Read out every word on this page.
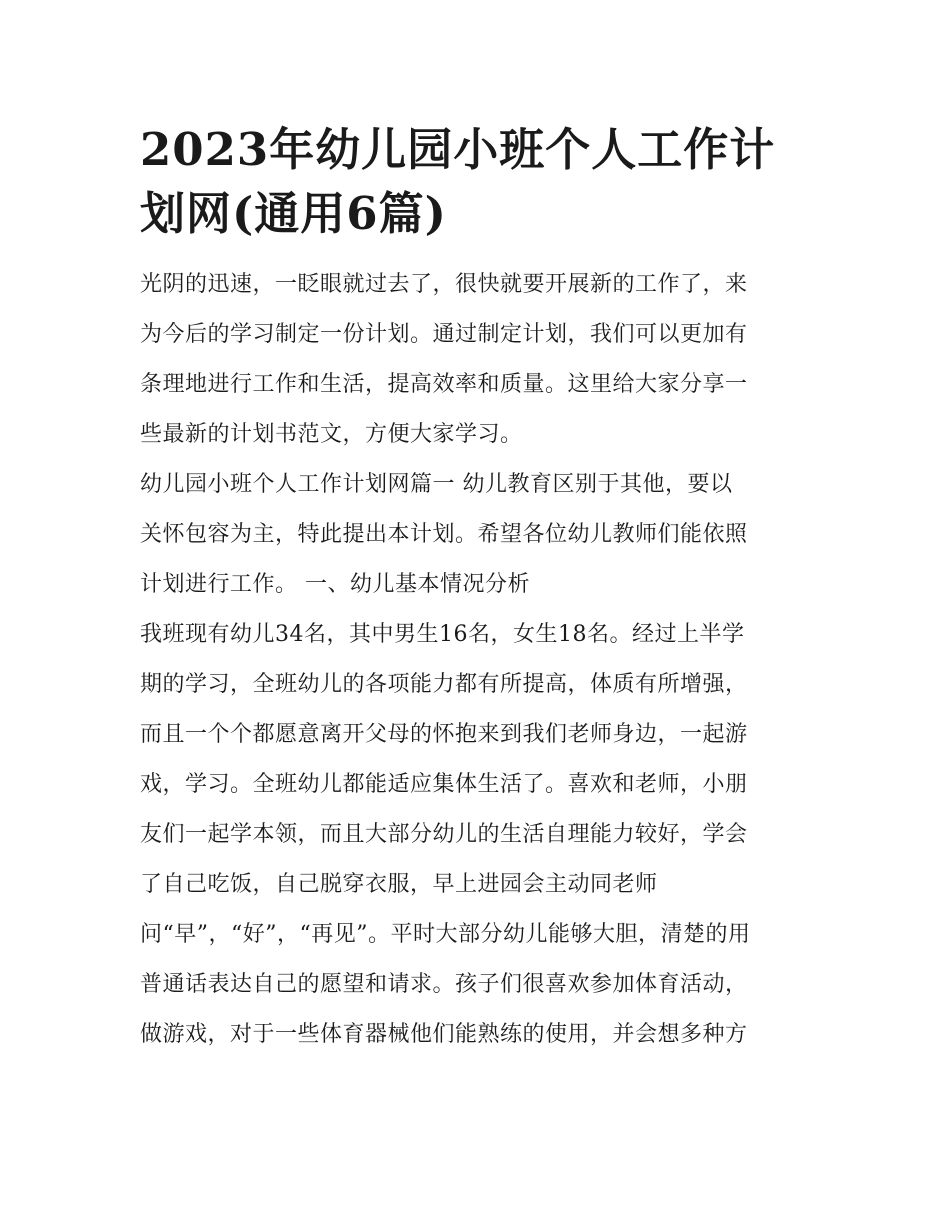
2023年幼儿园小班个人工作计
划网(通用6篇)

光阴的迅速，一眨眼就过去了，很快就要开展新的工作了，来
为今后的学习制定一份计划。通过制定计划，我们可以更加有
条理地进行工作和生活，提高效率和质量。这里给大家分享一
些最新的计划书范文，方便大家学习。

幼儿园小班个人工作计划网篇一 幼儿教育区别于其他，要以
关怀包容为主，特此提出本计划。希望各位幼儿教师们能依照
计划进行工作。 一、幼儿基本情况分析

我班现有幼儿34名，其中男生16名，女生18名。经过上半学
期的学习，全班幼儿的各项能力都有所提高，体质有所增强，
而且一个个都愿意离开父母的怀抱来到我们老师身边，一起游
戏，学习。全班幼儿都能适应集体生活了。喜欢和老师，小朋
友们一起学本领，而且大部分幼儿的生活自理能力较好，学会
了自己吃饭，自己脱穿衣服，早上进园会主动同老师

问“早”，“好”，“再见”。平时大部分幼儿能够大胆，清楚的用
普通话表达自己的愿望和请求。孩子们很喜欢参加体育活动，
做游戏，对于一些体育器械他们能熟练的使用，并会想多种方
